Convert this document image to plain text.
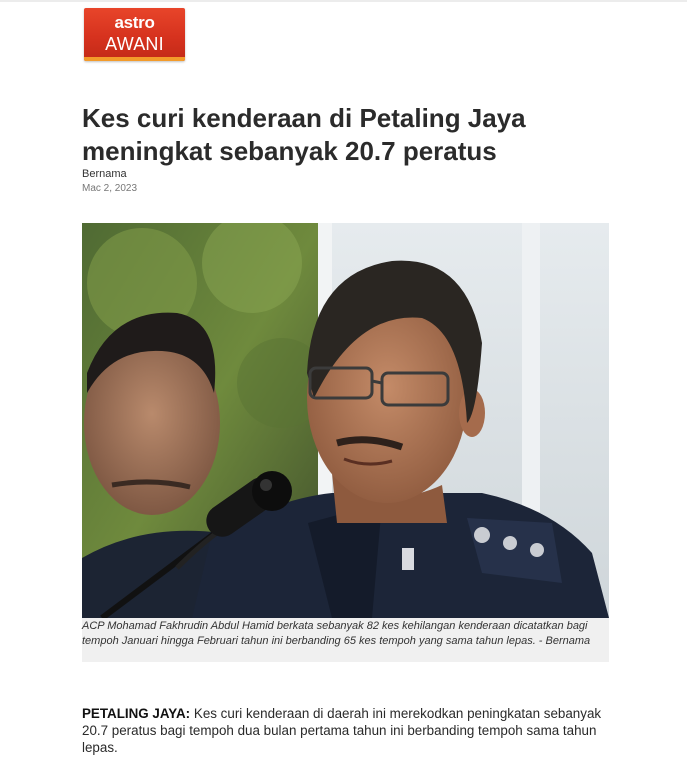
astro
AWANI
Kes curi kenderaan di Petaling Jaya meningkat sebanyak 20.7 peratus
Bernama
Mac 2, 2023
ACP Mohamad Fakhrudin Abdul Hamid berkata sebanyak 82 kes kehilangan kenderaan dicatatkan bagi tempoh Januari hingga Februari tahun ini berbanding 65 kes tempoh yang sama tahun lepas. - Bernama
PETALING JAYA: Kes curi kenderaan di daerah ini merekodkan peningkatan sebanyak 20.7 peratus bagi tempoh dua bulan pertama tahun ini berbanding tempoh sama tahun lepas.
